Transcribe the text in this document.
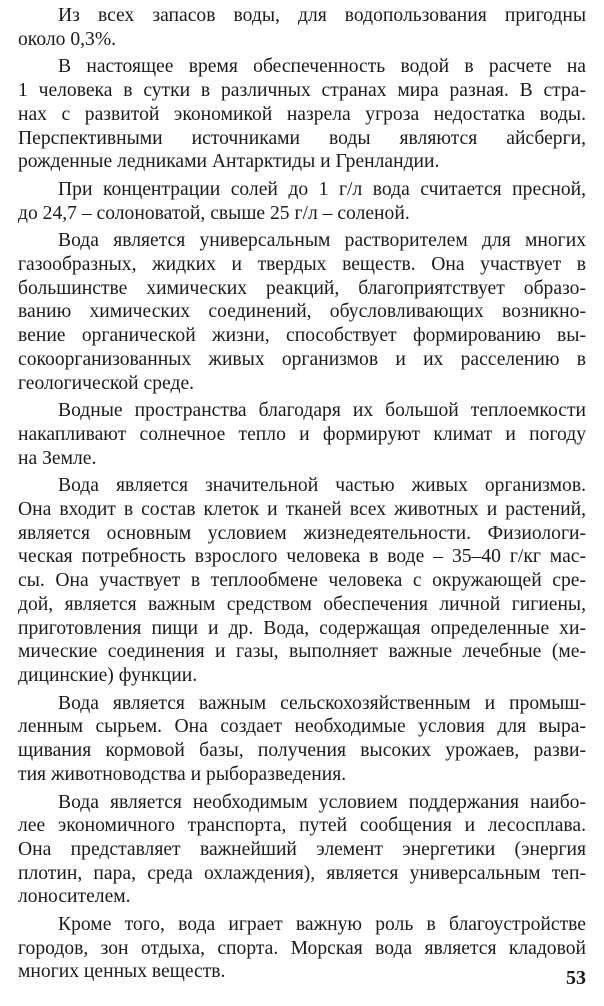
Из всех запасов воды, для водопользования пригодны
около 0,3%.

В настоящее время обеспеченность водой в расчете на
1 человека в сутки в различных странах мира разная. В стра-
нах с развитой экономикой назрела угроза недостатка воды.
Перспективными источниками воды являются айсберги,
рожденные ледниками Антарктиды и Гренландии.

При концентрации солей до 1 г/л вода считается пресной,
до 24,7 – солоноватой, свыше 25 г/л – соленой.

Вода является универсальным растворителем для многих
газообразных, жидких и твердых веществ. Она участвует в
большинстве химических реакций, благоприятствует образо-
ванию химических соединений, обусловливающих возникно-
вение органической жизни, способствует формированию вы-
сокоорганизованных живых организмов и их расселению в
геологической среде.

Водные пространства благодаря их большой теплоемкости
накапливают солнечное тепло и формируют климат и погоду
на Земле.

Вода является значительной частью живых организмов.
Она входит в состав клеток и тканей всех животных и растений,
является основным условием жизнедеятельности. Физиологи-
ческая потребность взрослого человека в воде – 35–40 г/кг мас-
сы. Она участвует в теплообмене человека с окружающей сре-
дой, является важным средством обеспечения личной гигиены,
приготовления пищи и др. Вода, содержащая определенные хи-
мические соединения и газы, выполняет важные лечебные (ме-
дицинские) функции.

Вода является важным сельскохозяйственным и промыш-
ленным сырьем. Она создает необходимые условия для выра-
щивания кормовой базы, получения высоких урожаев, разви-
тия животноводства и рыборазведения.

Вода является необходимым условием поддержания наибо-
лее экономичного транспорта, путей сообщения и лесосплава.
Она представляет важнейший элемент энергетики (энергия
плотин, пара, среда охлаждения), является универсальным теп-
лоносителем.

Кроме того, вода играет важную роль в благоустройстве
городов, зон отдыха, спорта. Морская вода является кладовой
многих ценных веществ.	53
